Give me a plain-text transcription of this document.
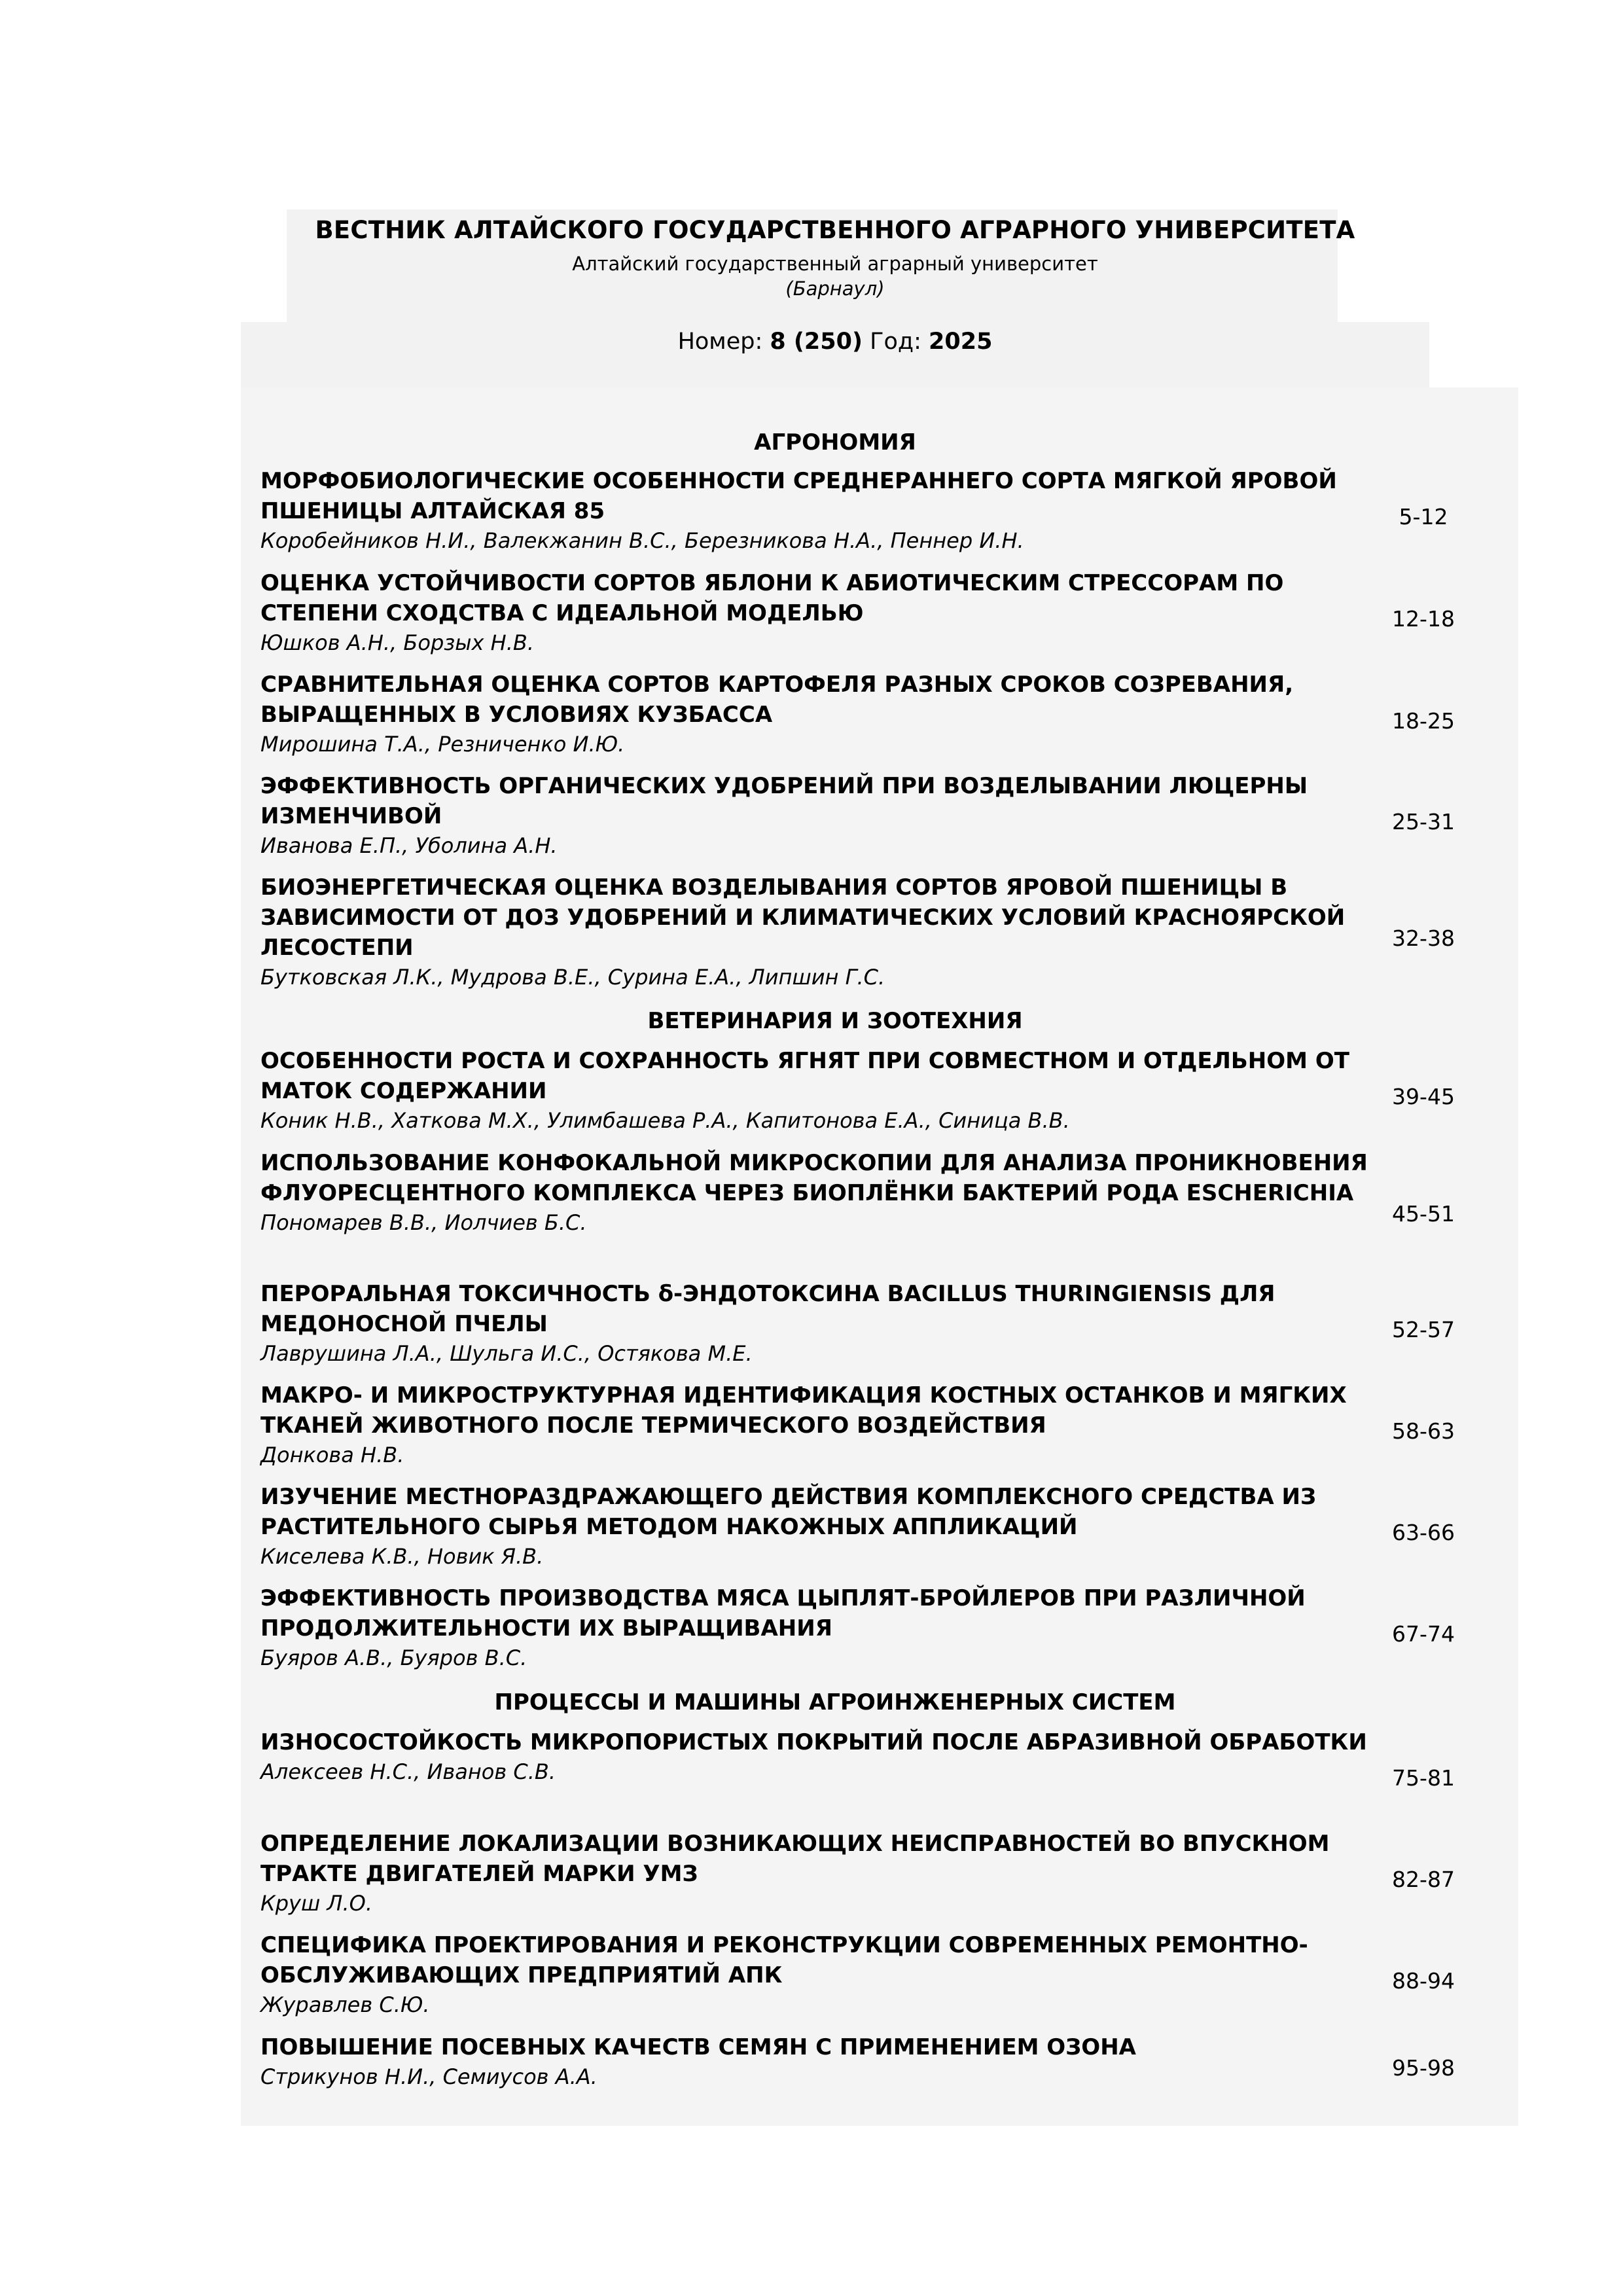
ВЕСТНИК АЛТАЙСКОГО ГОСУДАРСТВЕННОГО АГРАРНОГО УНИВЕРСИТЕТА
Алтайский государственный аграрный университет
(Барнаул)
Номер: 8 (250) Год: 2025
АГРОНОМИЯ
МОРФОБИОЛОГИЧЕСКИЕ ОСОБЕННОСТИ СРЕДНЕРАННЕГО СОРТА МЯГКОЙ ЯРОВОЙ ПШЕНИЦЫ АЛТАЙСКАЯ 85
Коробейников Н.И., Валекжанин В.С., Березникова Н.А., Пеннер И.Н.
5-12
ОЦЕНКА УСТОЙЧИВОСТИ СОРТОВ ЯБЛОНИ К АБИОТИЧЕСКИМ СТРЕССОРАМ ПО СТЕПЕНИ СХОДСТВА С ИДЕАЛЬНОЙ МОДЕЛЬЮ
Юшков А.Н., Борзых Н.В.
12-18
СРАВНИТЕЛЬНАЯ ОЦЕНКА СОРТОВ КАРТОФЕЛЯ РАЗНЫХ СРОКОВ СОЗРЕВАНИЯ, ВЫРАЩЕННЫХ В УСЛОВИЯХ КУЗБАССА
Мирошина Т.А., Резниченко И.Ю.
18-25
ЭФФЕКТИВНОСТЬ ОРГАНИЧЕСКИХ УДОБРЕНИЙ ПРИ ВОЗДЕЛЫВАНИИ ЛЮЦЕРНЫ ИЗМЕНЧИВОЙ
Иванова Е.П., Уболина А.Н.
25-31
БИОЭНЕРГЕТИЧЕСКАЯ ОЦЕНКА ВОЗДЕЛЫВАНИЯ СОРТОВ ЯРОВОЙ ПШЕНИЦЫ В ЗАВИСИМОСТИ ОТ ДОЗ УДОБРЕНИЙ И КЛИМАТИЧЕСКИХ УСЛОВИЙ КРАСНОЯРСКОЙ ЛЕСОСТЕПИ
Бутковская Л.К., Мудрова В.Е., Сурина Е.А., Липшин Г.С.
32-38
ВЕТЕРИНАРИЯ И ЗООТЕХНИЯ
ОСОБЕННОСТИ РОСТА И СОХРАННОСТЬ ЯГНЯТ ПРИ СОВМЕСТНОМ И ОТДЕЛЬНОМ ОТ МАТОК СОДЕРЖАНИИ
Коник Н.В., Хаткова М.Х., Улимбашева Р.А., Капитонова Е.А., Синица В.В.
39-45
ИСПОЛЬЗОВАНИЕ КОНФОКАЛЬНОЙ МИКРОСКОПИИ ДЛЯ АНАЛИЗА ПРОНИКНОВЕНИЯ ФЛУОРЕСЦЕНТНОГО КОМПЛЕКСА ЧЕРЕЗ БИОПЛЁНКИ БАКТЕРИЙ РОДА ESCHERICHIA
Пономарев В.В., Иолчиев Б.С.	45-51
ПЕРОРАЛЬНАЯ ТОКСИЧНОСТЬ δ-ЭНДОТОКСИНА BACILLUS THURINGIENSIS ДЛЯ МЕДОНОСНОЙ ПЧЕЛЫ
Лаврушина Л.А., Шульга И.С., Остякова М.Е.
52-57
МАКРО- И МИКРОСТРУКТУРНАЯ ИДЕНТИФИКАЦИЯ КОСТНЫХ ОСТАНКОВ И МЯГКИХ ТКАНЕЙ ЖИВОТНОГО ПОСЛЕ ТЕРМИЧЕСКОГО ВОЗДЕЙСТВИЯ
Донкова Н.В.
58-63
ИЗУЧЕНИЕ МЕСТНОРАЗДРАЖАЮЩЕГО ДЕЙСТВИЯ КОМПЛЕКСНОГО СРЕДСТВА ИЗ РАСТИТЕЛЬНОГО СЫРЬЯ МЕТОДОМ НАКОЖНЫХ АППЛИКАЦИЙ
Киселева К.В., Новик Я.В.
63-66
ЭФФЕКТИВНОСТЬ ПРОИЗВОДСТВА МЯСА ЦЫПЛЯТ-БРОЙЛЕРОВ ПРИ РАЗЛИЧНОЙ ПРОДОЛЖИТЕЛЬНОСТИ ИХ ВЫРАЩИВАНИЯ
Буяров А.В., Буяров В.С.
67-74
ПРОЦЕССЫ И МАШИНЫ АГРОИНЖЕНЕРНЫХ СИСТЕМ
ИЗНОСОСТОЙКОСТЬ МИКРОПОРИСТЫХ ПОКРЫТИЙ ПОСЛЕ АБРАЗИВНОЙ ОБРАБОТКИ
Алексеев Н.С., Иванов С.В.	75-81
ОПРЕДЕЛЕНИЕ ЛОКАЛИЗАЦИИ ВОЗНИКАЮЩИХ НЕИСПРАВНОСТЕЙ ВО ВПУСКНОМ ТРАКТЕ ДВИГАТЕЛЕЙ МАРКИ УМЗ
Круш Л.О.
82-87
СПЕЦИФИКА ПРОЕКТИРОВАНИЯ И РЕКОНСТРУКЦИИ СОВРЕМЕННЫХ РЕМОНТНО-ОБСЛУЖИВАЮЩИХ ПРЕДПРИЯТИЙ АПК
Журавлев С.Ю.
88-94
ПОВЫШЕНИЕ ПОСЕВНЫХ КАЧЕСТВ СЕМЯН С ПРИМЕНЕНИЕМ ОЗОНА
Стрикунов Н.И., Семиусов А.А.	95-98
